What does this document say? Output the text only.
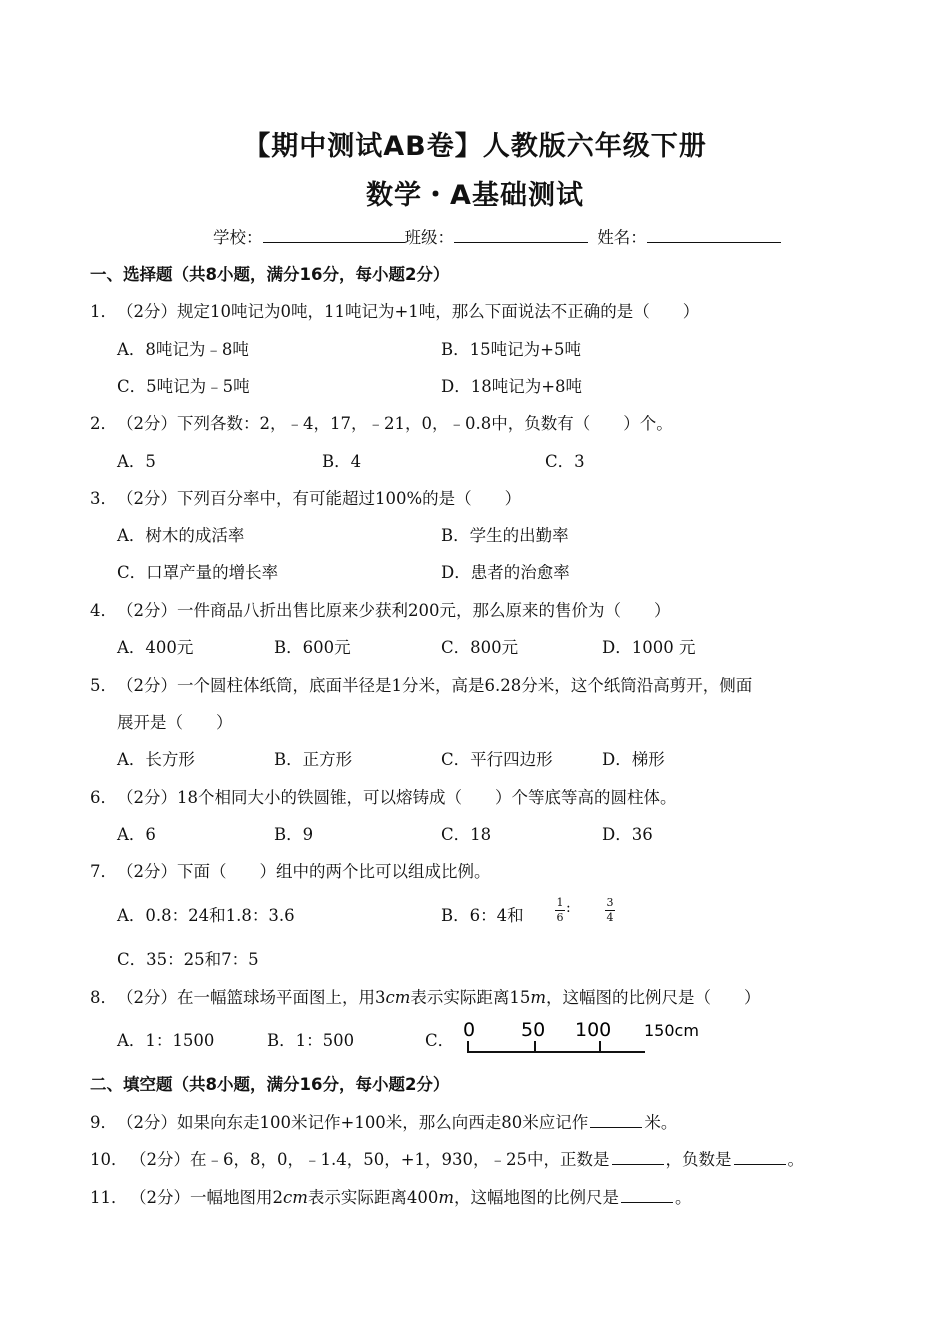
【期中测试AB卷】人教版六年级下册
数学・A基础测试
学校：	班级：	姓名：
一、选择题（共8小题，满分16分，每小题2分）
1．（2分）规定10吨记为0吨，11吨记为+1吨，那么下面说法不正确的是（　　）
A．8吨记为﹣8吨	B．15吨记为+5吨
C．5吨记为﹣5吨	D．18吨记为+8吨
2．（2分）下列各数：2，﹣4，17，﹣21，0，﹣0.8中，负数有（　　）个。
A．5	B．4	C．3
3．（2分）下列百分率中，有可能超过100%的是（　　）
A．树木的成活率	B．学生的出勤率
C．口罩产量的增长率	D．患者的治愈率
4．（2分）一件商品八折出售比原来少获利200元，那么原来的售价为（　　）
A．400元	B．600元	C．800元	D．1000 元
5．（2分）一个圆柱体纸筒，底面半径是1分米，高是6.28分米，这个纸筒沿高剪开，侧面
展开是（　　）
A．长方形	B．正方形	C．平行四边形	D．梯形
6．（2分）18个相同大小的铁圆锥，可以熔铸成（　　）个等底等高的圆柱体。
A．6	B．9	C．18	D．36
7．（2分）下面（　　）组中的两个比可以组成比例。
A．0.8：24和1.8：3.6	B．6：4和
1
6
:	3
4
C．35：25和7：5
8．（2分）在一幅篮球场平面图上，用3cm表示实际距离15m，这幅图的比例尺是（　　）
A．1：1500	B．1：500	C． 0 50 100 150cm
二、填空题（共8小题，满分16分，每小题2分）
9．（2分）如果向东走100米记作+100米，那么向西走80米应记作	米。
10． （2分）在﹣6，8，0，﹣1.4，50，+1，930，﹣25中，正数是	，负数是	。
11． （2分）一幅地图用2cm表示实际距离400m，这幅地图的比例尺是	。
